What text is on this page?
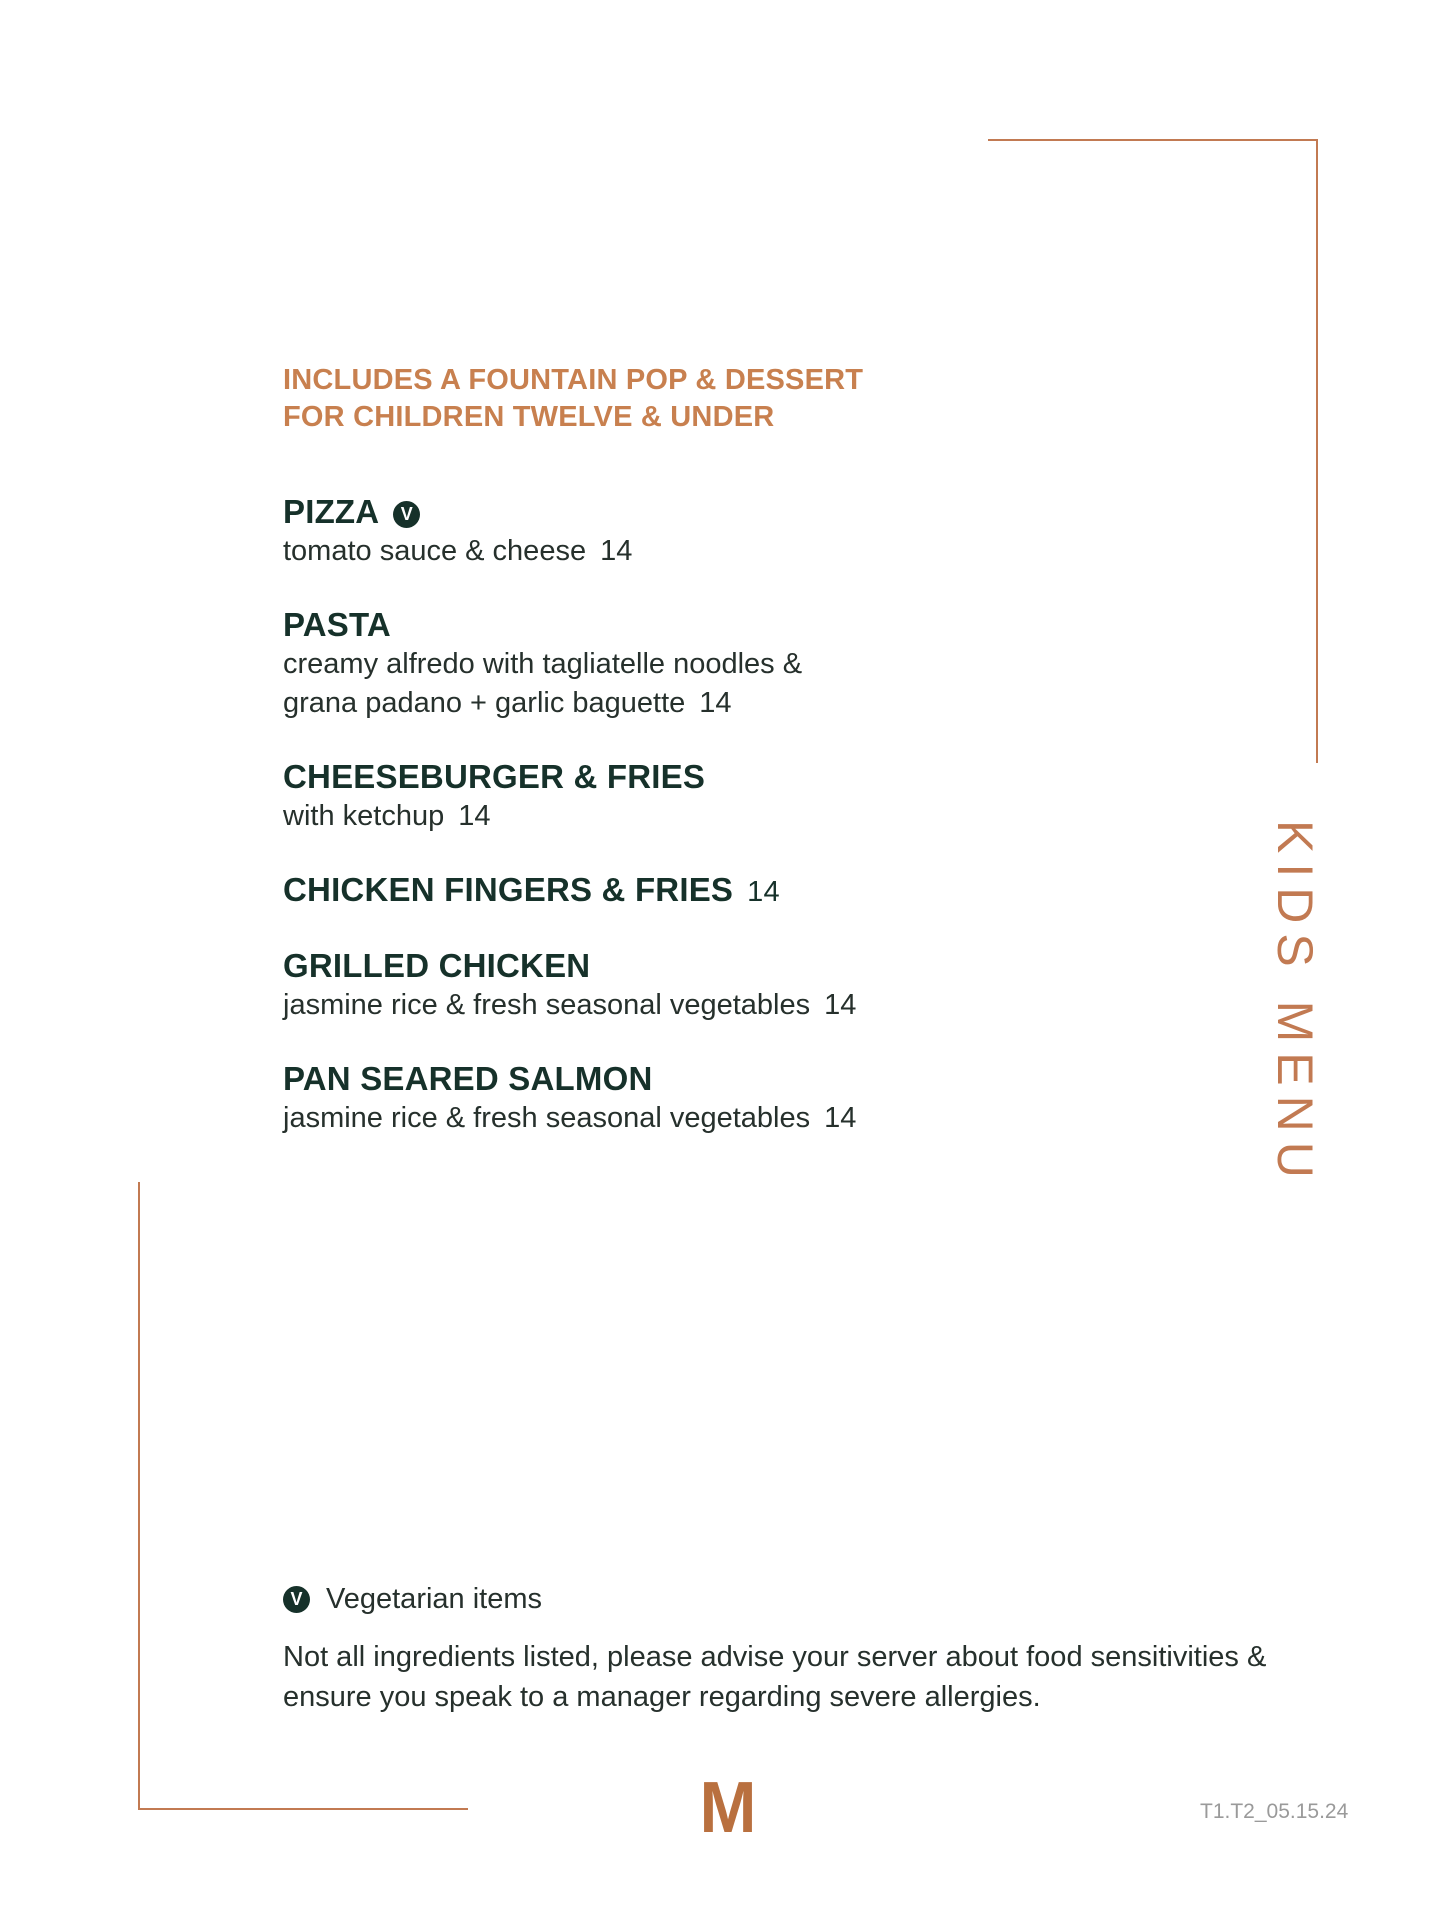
INCLUDES A FOUNTAIN POP & DESSERT
FOR CHILDREN TWELVE & UNDER
PIZZA V
tomato sauce & cheese 14
PASTA
creamy alfredo with tagliatelle noodles &
grana padano + garlic baguette 14
CHEESEBURGER & FRIES
with ketchup 14
CHICKEN FINGERS & FRIES 14
GRILLED CHICKEN
jasmine rice & fresh seasonal vegetables 14
PAN SEARED SALMON
jasmine rice & fresh seasonal vegetables 14	KIDS MENU
V Vegetarian items
Not all ingredients listed, please advise your server about food sensitivities & ensure you speak to a manager regarding severe allergies.
M	T1.T2_05.15.24
